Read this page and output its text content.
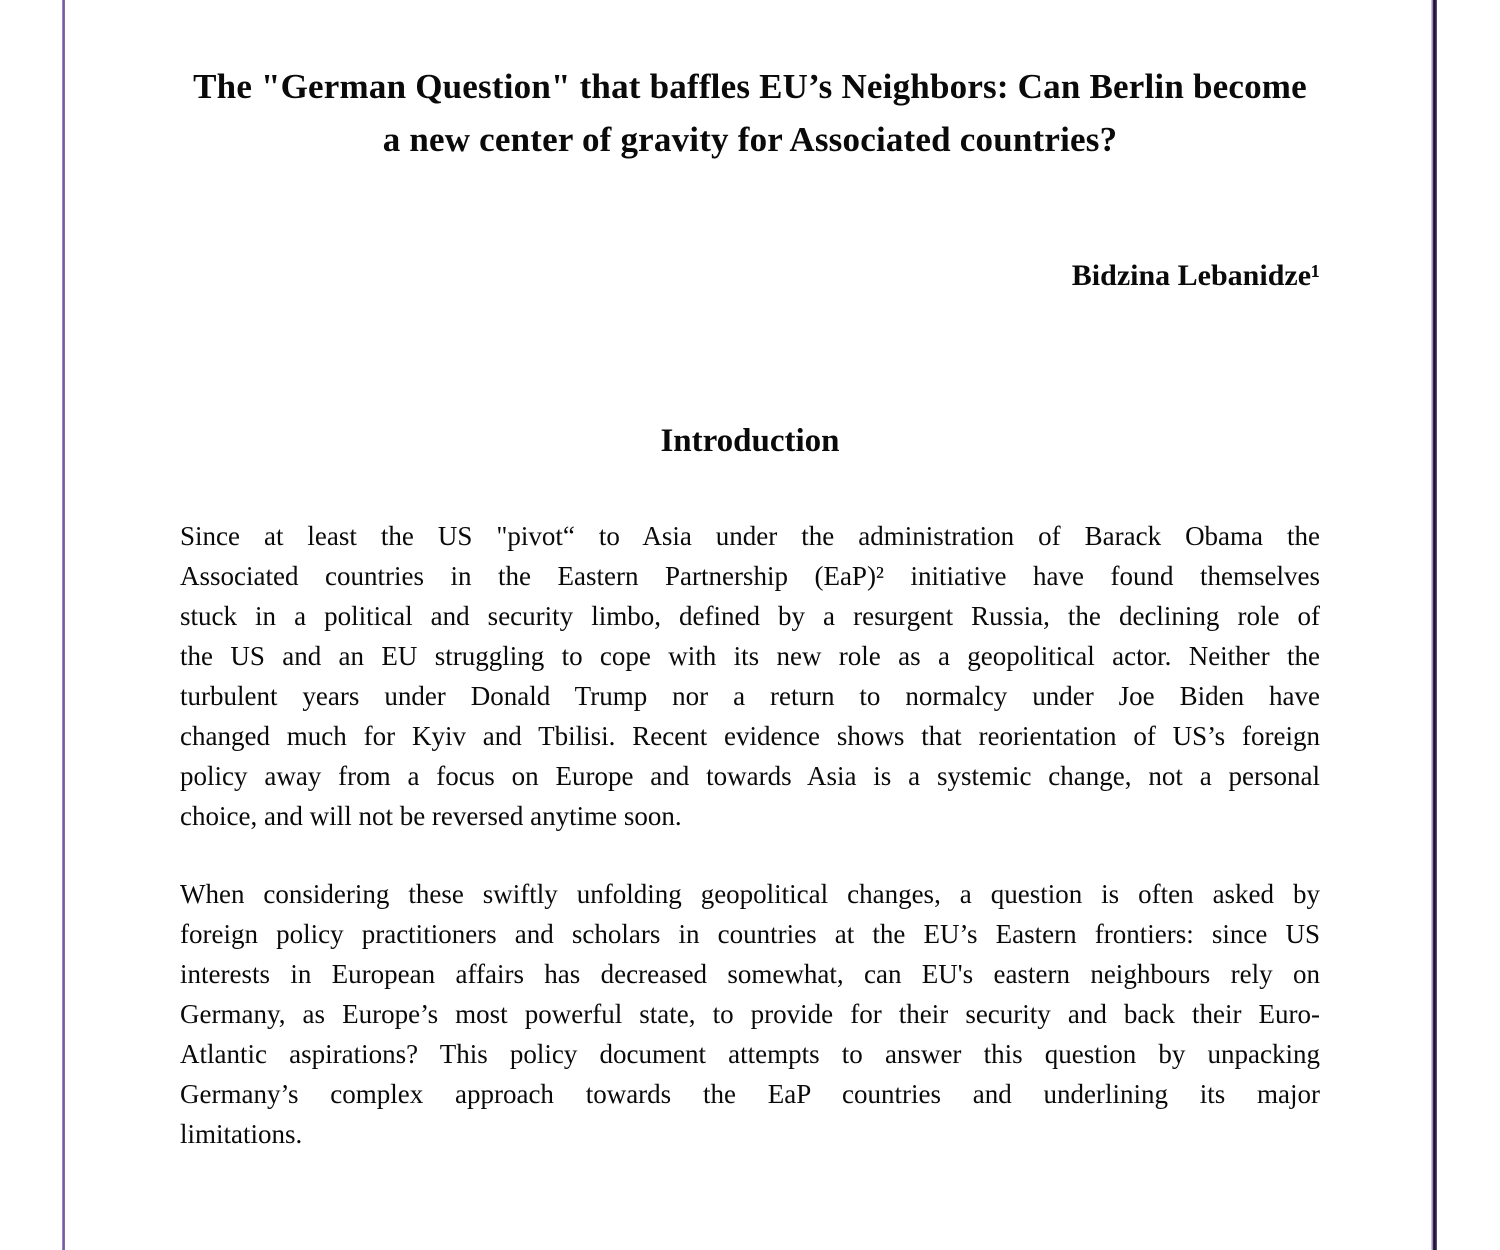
The "German Question" that baffles EU’s Neighbors: Can Berlin become a new center of gravity for Associated countries?
Bidzina Lebanidze¹
Introduction
Since at least the US "pivot“ to Asia under the administration of Barack Obama the
Associated countries in the Eastern Partnership (EaP)² initiative have found themselves
stuck in a political and security limbo, defined by a resurgent Russia, the declining role of
the US and an EU struggling to cope with its new role as a geopolitical actor. Neither the
turbulent years under Donald Trump nor a return to normalcy under Joe Biden have
changed much for Kyiv and Tbilisi. Recent evidence shows that reorientation of US’s foreign
policy away from a focus on Europe and towards Asia is a systemic change, not a personal
choice, and will not be reversed anytime soon.
When considering these swiftly unfolding geopolitical changes, a question is often asked by
foreign policy practitioners and scholars in countries at the EU’s Eastern frontiers: since US
interests in European affairs has decreased somewhat, can EU's eastern neighbours rely on
Germany, as Europe’s most powerful state, to provide for their security and back their Euro-
Atlantic aspirations? This policy document attempts to answer this question by unpacking
Germany’s complex approach towards the EaP countries and underlining its major
limitations.
